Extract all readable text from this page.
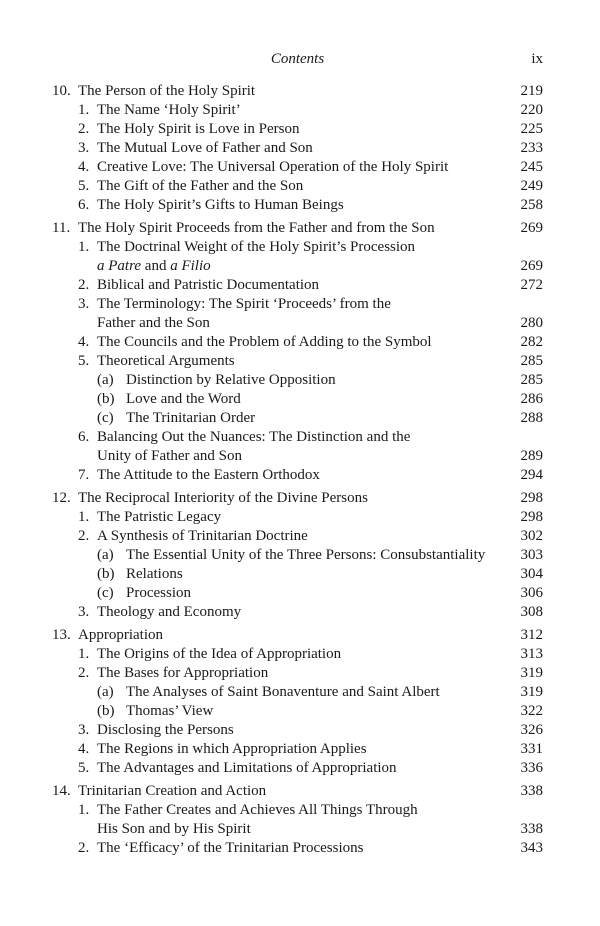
Contents	ix
10. The Person of the Holy Spirit	219
1. The Name ‘Holy Spirit’	220
2. The Holy Spirit is Love in Person	225
3. The Mutual Love of Father and Son	233
4. Creative Love: The Universal Operation of the Holy Spirit	245
5. The Gift of the Father and the Son	249
6. The Holy Spirit’s Gifts to Human Beings	258
11. The Holy Spirit Proceeds from the Father and from the Son	269
1. The Doctrinal Weight of the Holy Spirit’s Procession
a Patre and a Filio	269
2. Biblical and Patristic Documentation	272
3. The Terminology: The Spirit ‘Proceeds’ from the
Father and the Son	280
4. The Councils and the Problem of Adding to the Symbol	282
5. Theoretical Arguments	285
(a) Distinction by Relative Opposition	285
(b) Love and the Word	286
(c) The Trinitarian Order	288
6. Balancing Out the Nuances: The Distinction and the
Unity of Father and Son	289
7. The Attitude to the Eastern Orthodox	294
12. The Reciprocal Interiority of the Divine Persons	298
1. The Patristic Legacy	298
2. A Synthesis of Trinitarian Doctrine	302
(a) The Essential Unity of the Three Persons: Consubstantiality 303
(b) Relations	304
(c) Procession	306
3. Theology and Economy	308
13. Appropriation	312
1. The Origins of the Idea of Appropriation	313
2. The Bases for Appropriation	319
(a) The Analyses of Saint Bonaventure and Saint Albert	319
(b) Thomas’ View	322
3. Disclosing the Persons	326
4. The Regions in which Appropriation Applies	331
5. The Advantages and Limitations of Appropriation	336
14. Trinitarian Creation and Action	338
1. The Father Creates and Achieves All Things Through
His Son and by His Spirit	338
2. The ‘Efficacy’ of the Trinitarian Processions	343
